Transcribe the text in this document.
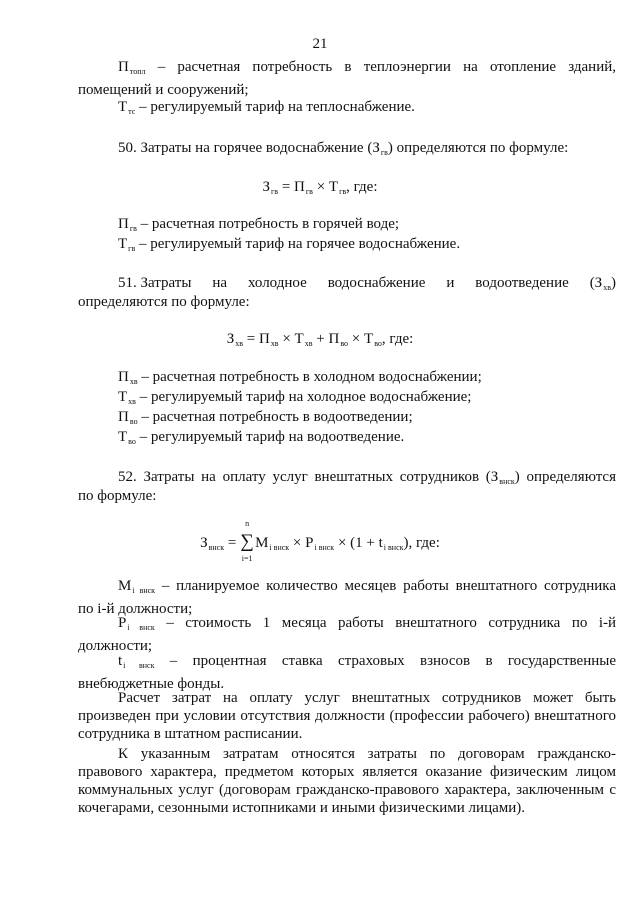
21
$П_{топл}$ – расчетная потребность в теплоэнергии на отопление зданий, помещений и сооружений;
$Т_{тс}$ – регулируемый тариф на теплоснабжение.
50. Затраты на горячее водоснабжение $(З_{гв})$ определяются по формуле:
$З_{гв} = П_{гв} \times Т_{гв}$, где:
$П_{гв}$ – расчетная потребность в горячей воде;
$Т_{гв}$ – регулируемый тариф на горячее водоснабжение.
51. Затраты на холодное водоснабжение и водоотведение $(З_{хв})$
определяются по формуле:
$З_{хв} = П_{хв} \times Т_{хв} + П_{во} \times Т_{во}$, где:
$П_{хв}$ – расчетная потребность в холодном водоснабжении;
$Т_{хв}$ – регулируемый тариф на холодное водоснабжение;
$П_{во}$ – расчетная потребность в водоотведении;
$Т_{во}$ – регулируемый тариф на водоотведение.
52. Затраты на оплату услуг внештатных сотрудников $(З_{внск})$ определяются
по формуле:
$З_{внск}$ =
n
∑
i=1
$M_{i внск} \times P_{i внск} \times (1 + t_{i внск})$, где:
$M_{i внск}$ – планируемое количество месяцев работы внештатного сотрудника
по i-й должности;
$P_{i внск}$ – стоимость 1 месяца работы внештатного сотрудника по i-й
должности;
$t_{i внск}$ – процентная ставка страховых взносов в государственные
внебюджетные фонды.
Расчет затрат на оплату услуг внештатных сотрудников может быть произведен при условии отсутствия должности (профессии рабочего) внештатного сотрудника в штатном расписании.
К указанным затратам относятся затраты по договорам гражданско-правового характера, предметом которых является оказание физическим лицом коммунальных услуг (договорам гражданско-правового характера, заключенным с кочегарами, сезонными истопниками и иными физическими лицами).
